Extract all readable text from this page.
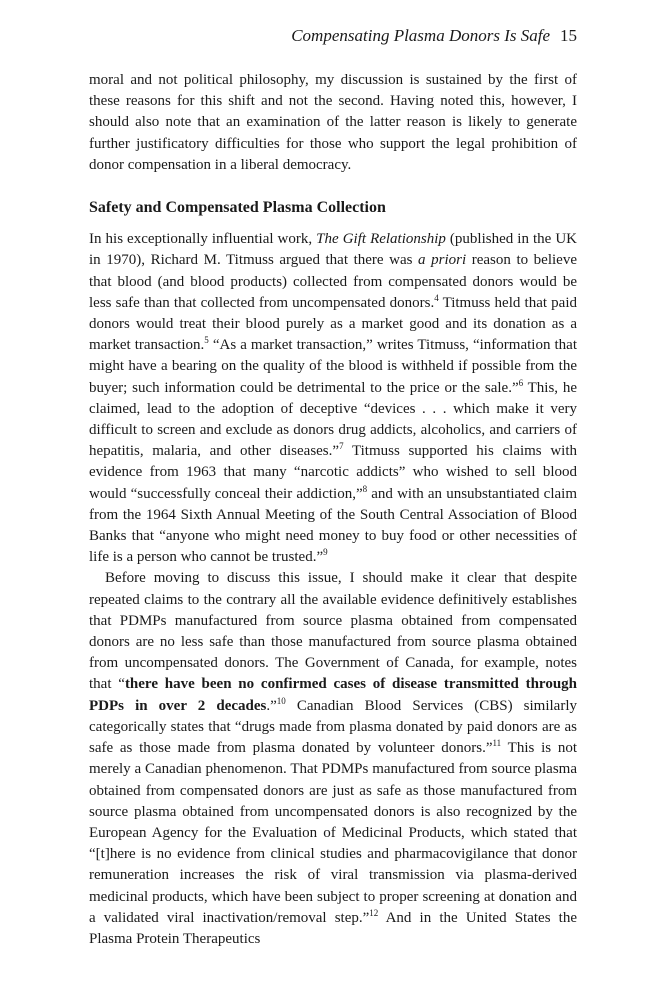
Compensating Plasma Donors Is Safe 15

moral and not political philosophy, my discussion is sustained by the first of these reasons for this shift and not the second. Having noted this, however, I should also note that an examination of the latter reason is likely to generate further justificatory difficulties for those who support the legal prohibition of donor compensation in a liberal democracy.

Safety and Compensated Plasma Collection

In his exceptionally influential work, The Gift Relationship (published in the UK in 1970), Richard M. Titmuss argued that there was a priori reason to believe that blood (and blood products) collected from compensated donors would be less safe than that collected from uncompensated donors.$^4$ Titmuss held that paid donors would treat their blood purely as a market good and its donation as a market transaction.$^5$ “As a market transaction,” writes Titmuss, “information that might have a bearing on the quality of the blood is withheld if possible from the buyer; such information could be detrimental to the price or the sale.”$^6$ This, he claimed, lead to the adoption of deceptive “devices . . . which make it very difficult to screen and exclude as donors drug addicts, alcoholics, and carriers of hepatitis, malaria, and other diseases.”$^7$ Titmuss supported his claims with evidence from 1963 that many “narcotic addicts” who wished to sell blood would “successfully conceal their addiction,”$^8$ and with an unsubstantiated claim from the 1964 Sixth Annual Meeting of the South Central Association of Blood Banks that “anyone who might need money to buy food or other necessities of life is a person who cannot be trusted.”$^9$

Before moving to discuss this issue, I should make it clear that despite repeated claims to the contrary all the available evidence definitively establishes that PDMPs manufactured from source plasma obtained from compensated donors are no less safe than those manufactured from source plasma obtained from uncompensated donors. The Government of Canada, for example, notes that “there have been no confirmed cases of disease transmitted through PDPs in over 2 decades.”$^{10}$ Canadian Blood Services (CBS) similarly categorically states that “drugs made from plasma donated by paid donors are as safe as those made from plasma donated by volunteer donors.”$^{11}$ This is not merely a Canadian phenomenon. That PDMPs manufactured from source plasma obtained from compensated donors are just as safe as those manufactured from source plasma obtained from uncompensated donors is also recognized by the European Agency for the Evaluation of Medicinal Products, which stated that “[t]here is no evidence from clinical studies and pharmacovigilance that donor remuneration increases the risk of viral transmission via plasma-derived medicinal products, which have been subject to proper screening at donation and a validated viral inactivation/removal step.”$^{12}$ And in the United States the Plasma Protein Therapeutics
